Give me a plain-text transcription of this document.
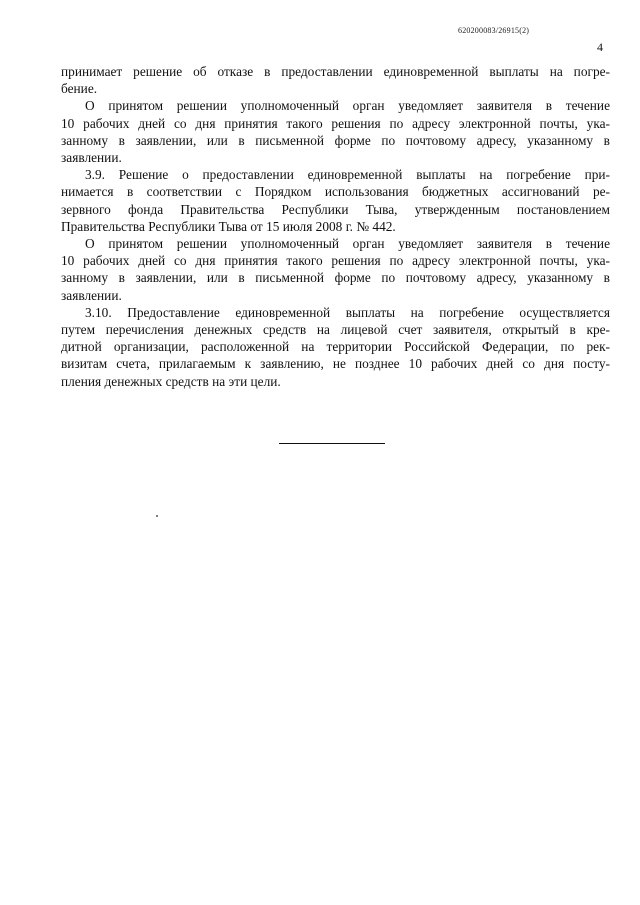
620200083/26915(2)
4
принимает решение об отказе в предоставлении единовременной выплаты на погре-
бение.
О принятом решении уполномоченный орган уведомляет заявителя в течение
10 рабочих дней со дня принятия такого решения по адресу электронной почты, ука-
занному в заявлении, или в письменной форме по почтовому адресу, указанному в
заявлении.
3.9. Решение о предоставлении единовременной выплаты на погребение при-
нимается в соответствии с Порядком использования бюджетных ассигнований ре-
зервного фонда Правительства Республики Тыва, утвержденным постановлением
Правительства Республики Тыва от 15 июля 2008 г. № 442.
О принятом решении уполномоченный орган уведомляет заявителя в течение
10 рабочих дней со дня принятия такого решения по адресу электронной почты, ука-
занному в заявлении, или в письменной форме по почтовому адресу, указанному в
заявлении.
3.10. Предоставление единовременной выплаты на погребение осуществляется
путем перечисления денежных средств на лицевой счет заявителя, открытый в кре-
дитной организации, расположенной на территории Российской Федерации, по рек-
визитам счета, прилагаемым к заявлению, не позднее 10 рабочих дней со дня посту-
пления денежных средств на эти цели.
